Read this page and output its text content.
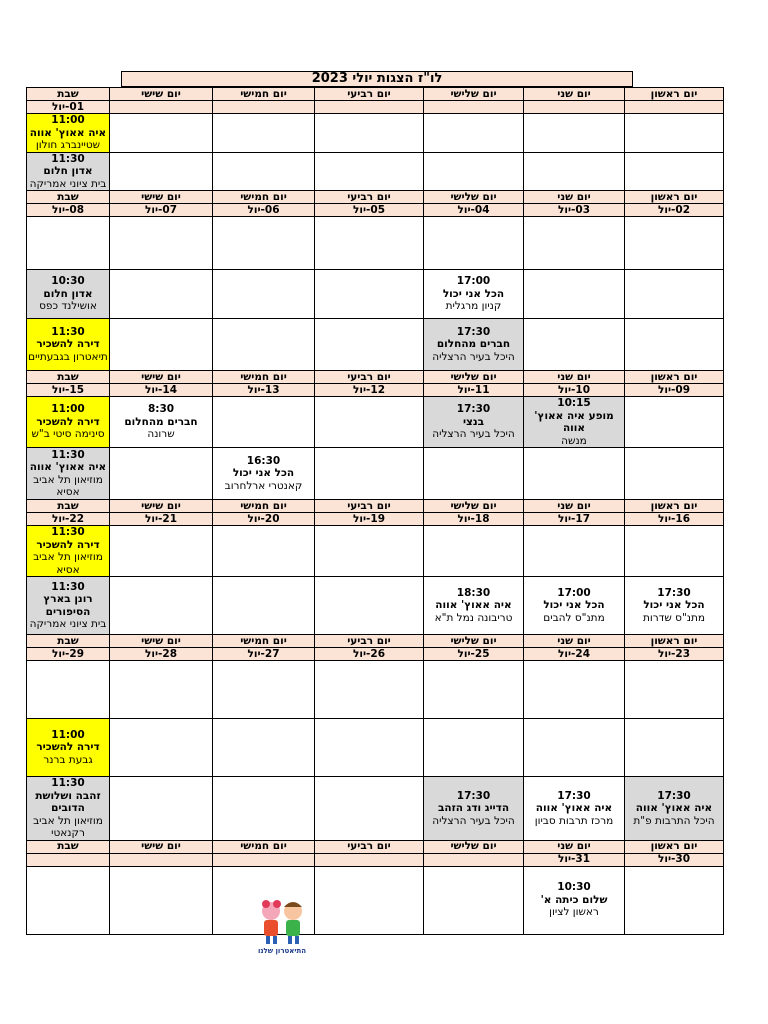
לו"ז הצגות יולי 2023
יום ראשון	יום שני	יום שלישי	יום רביעי	יום חמישי	יום שישי	שבת
						01-יול

						11:00
איה אאוץ' אווה
שטיינברג חולון

						11:30
אדון חלום
בית ציוני אמריקה

יום ראשון	יום שני	יום שלישי	יום רביעי	יום חמישי	יום שישי	שבת
02-יול	03-יול	04-יול	05-יול	06-יול	07-יול	08-יול

		17:00
הכל אני יכול
קניון מרגלית				10:30
אדון חלום
אושילנד כפס

		17:30
חברים מהחלום
היכל בעיר הרצליה				11:30
דירה להשכיר
תיאטרון בגבעתיים

יום ראשון	יום שני	יום שלישי	יום רביעי	יום חמישי	יום שישי	שבת
09-יול	10-יול	11-יול	12-יול	13-יול	14-יול	15-יול

	10:15
מופע איה אאוץ' אווה
מנשה	17:30
בנצי
היכל בעיר הרצליה			8:30
חברים מהחלום
שרונה	11:00
דירה להשכיר
סינימה סיטי ב"ש

				16:30
הכל אני יכול
קאנטרי ארלחרוב		11:30
איה אאוץ' אווה
מוזיאון תל אביב אסיא

יום ראשון	יום שני	יום שלישי	יום רביעי	יום חמישי	יום שישי	שבת
16-יול	17-יול	18-יול	19-יול	20-יול	21-יול	22-יול

						11:30
דירה להשכיר
מוזיאון תל אביב אסיא

17:30
הכל אני יכול
מתנ"ס שדרות	17:00
הכל אני יכול
מתנ"ס להבים	18:30
איה אאוץ' אווה
טריבונה נמל ת"א				11:30
רונן בארץ הסיפורים
בית ציוני אמריקה

יום ראשון	יום שני	יום שלישי	יום רביעי	יום חמישי	יום שישי	שבת
23-יול	24-יול	25-יול	26-יול	27-יול	28-יול	29-יול

						11:00
דירה להשכיר
גבעת ברנר

17:30
איה אאוץ' אווה
היכל התרבות פ"ת	17:30
איה אאוץ' אווה
מרכז תרבות סביון	17:30
הדייג ודג הזהב
היכל בעיר הרצליה				11:30
זהבה ושלושת הדובים
מוזיאון תל אביב רקנאטי

יום ראשון	יום שני	יום שלישי	יום רביעי	יום חמישי	יום שישי	שבת
30-יול	31-יול					

	10:30
שלום כיתה א'
ראשון לציון					

התיאטרון שלנו
